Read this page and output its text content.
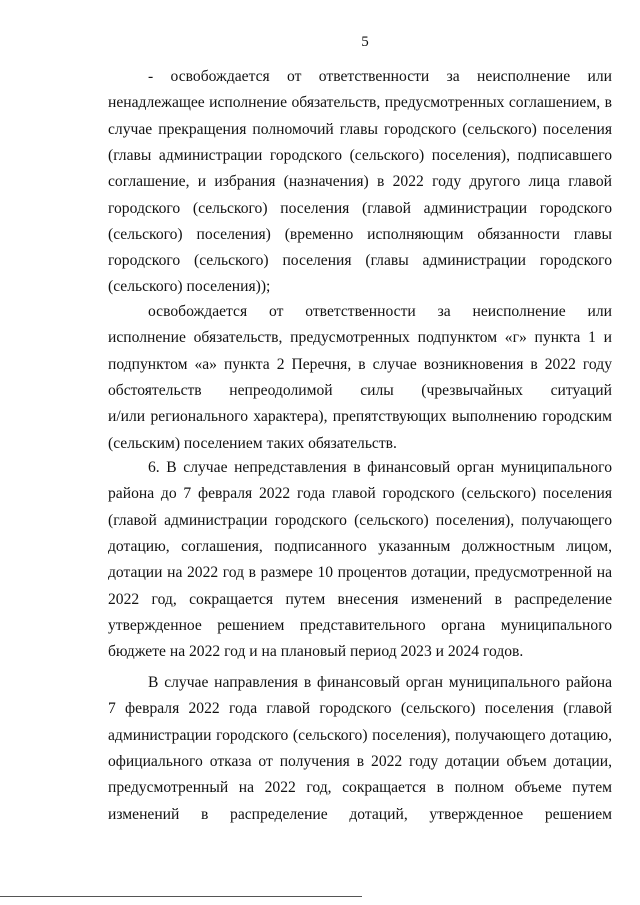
5
- освобождается от ответственности за неисполнение или
ненадлежащее исполнение обязательств, предусмотренных соглашением, в
случае прекращения полномочий главы городского (сельского) поселения
(главы администрации городского (сельского) поселения), подписавшего
соглашение, и избрания (назначения) в 2022 году другого лица главой
городского (сельского) поселения (главой администрации городского
(сельского) поселения) (временно исполняющим обязанности главы
городского (сельского) поселения (главы администрации городского
(сельского) поселения));
освобождается от ответственности за неисполнение или
исполнение обязательств, предусмотренных подпунктом «г» пункта 1 и
подпунктом «а» пункта 2 Перечня, в случае возникновения в 2022 году
обстоятельств непреодолимой силы (чрезвычайных ситуаций
и/или регионального характера), препятствующих выполнению городским
(сельским) поселением таких обязательств.
6. В случае непредставления в финансовый орган муниципального
района до 7 февраля 2022 года главой городского (сельского) поселения
(главой администрации городского (сельского) поселения), получающего
дотацию, соглашения, подписанного указанным должностным лицом,
дотации на 2022 год в размере 10 процентов дотации, предусмотренной на
2022 год, сокращается путем внесения изменений в распределение
утвержденное решением представительного органа муниципального
бюджете на 2022 год и на плановый период 2023 и 2024 годов.
В случае направления в финансовый орган муниципального района
7 февраля 2022 года главой городского (сельского) поселения (главой
администрации городского (сельского) поселения), получающего дотацию,
официального отказа от получения в 2022 году дотации объем дотации,
предусмотренный на 2022 год, сокращается в полном объеме путем
изменений в распределение дотаций, утвержденное решением
